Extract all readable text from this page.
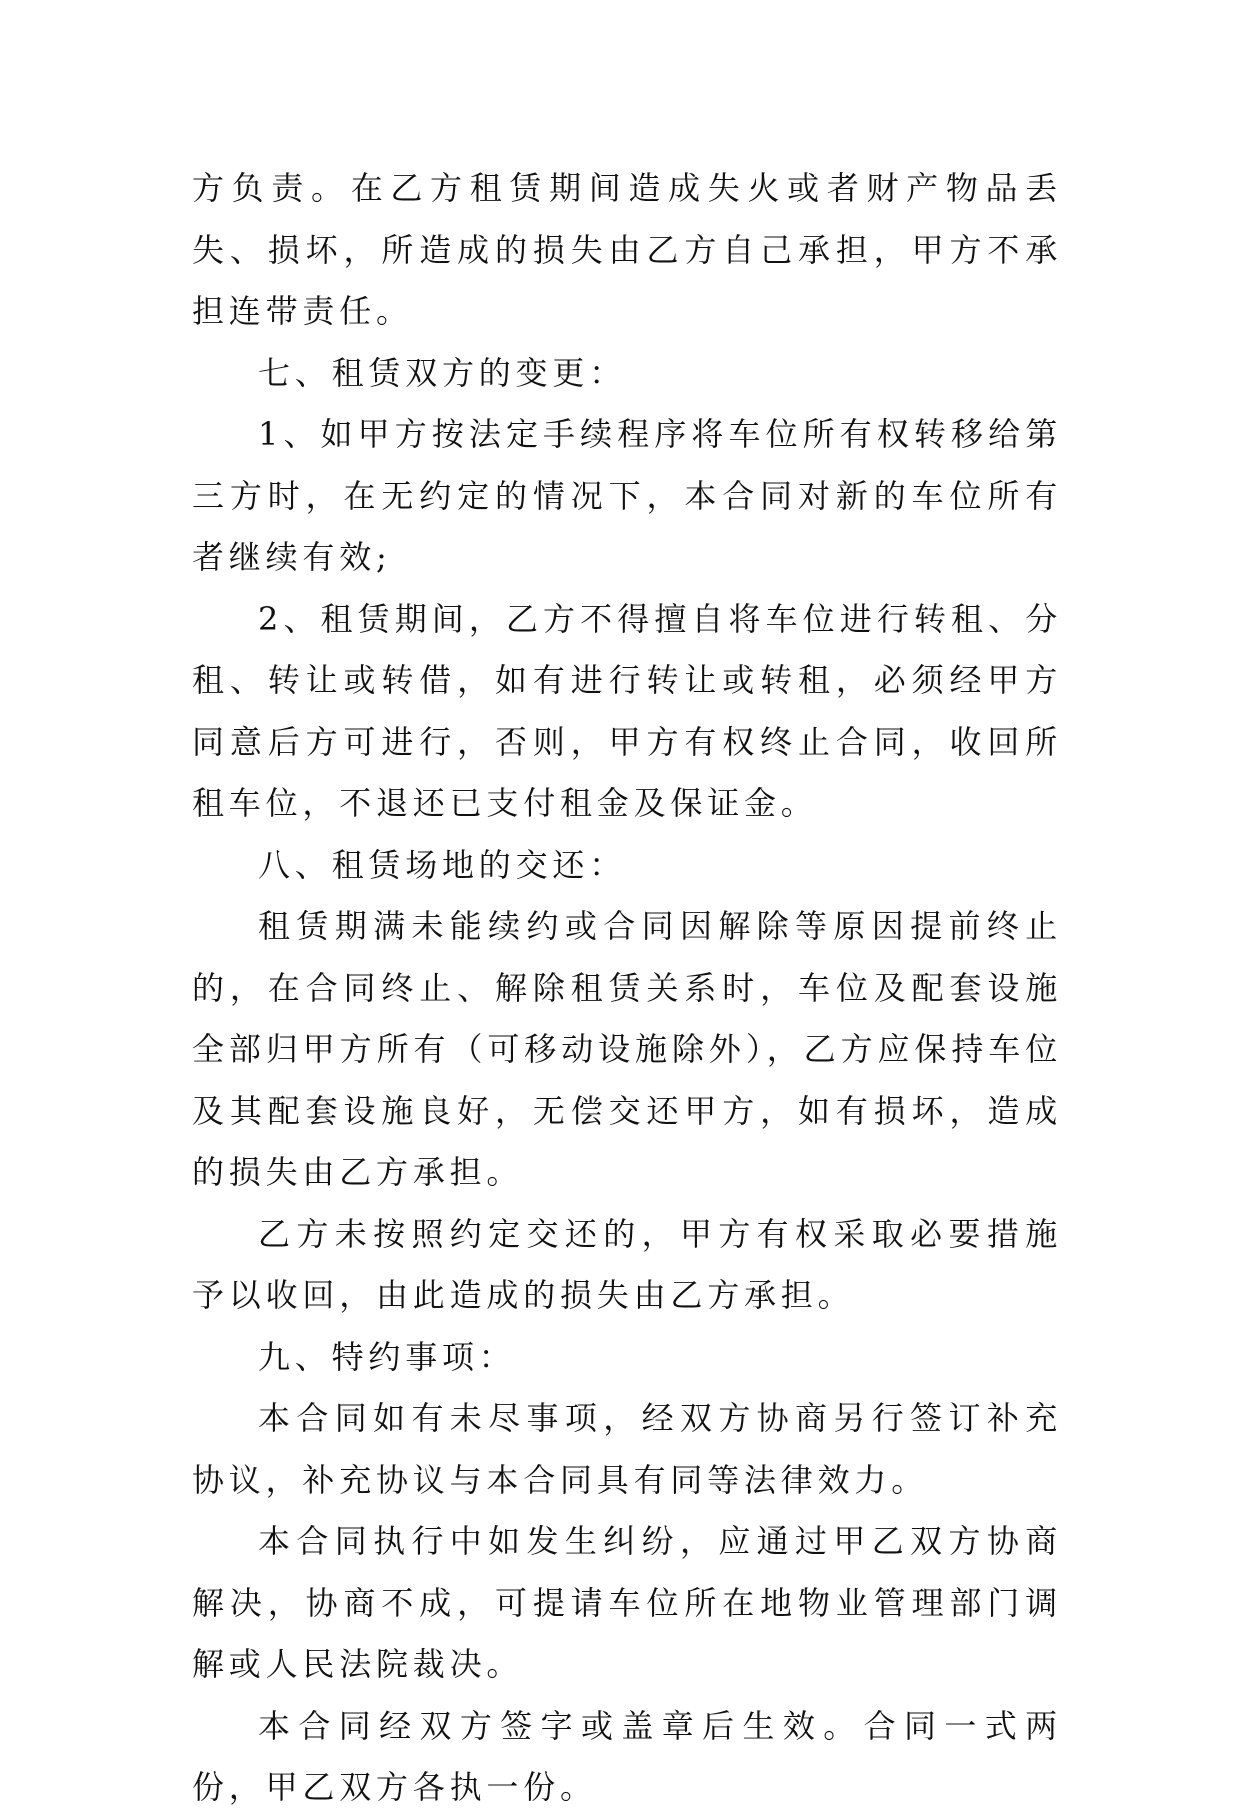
方负责。在乙方租赁期间造成失火或者财产物品丢失、损坏，所造成的损失由乙方自己承担，甲方不承担连带责任。

七、租赁双方的变更：

1、如甲方按法定手续程序将车位所有权转移给第三方时，在无约定的情况下，本合同对新的车位所有者继续有效;

2、租赁期间，乙方不得擅自将车位进行转租、分租、转让或转借，如有进行转让或转租，必须经甲方同意后方可进行，否则，甲方有权终止合同，收回所租车位，不退还已支付租金及保证金。

八、租赁场地的交还：

租赁期满未能续约或合同因解除等原因提前终止的，在合同终止、解除租赁关系时，车位及配套设施全部归甲方所有（可移动设施除外），乙方应保持车位及其配套设施良好，无偿交还甲方，如有损坏，造成的损失由乙方承担。

乙方未按照约定交还的，甲方有权采取必要措施予以收回，由此造成的损失由乙方承担。

九、特约事项：

本合同如有未尽事项，经双方协商另行签订补充协议，补充协议与本合同具有同等法律效力。

本合同执行中如发生纠纷，应通过甲乙双方协商解决，协商不成，可提请车位所在地物业管理部门调解或人民法院裁决。

本合同经双方签字或盖章后生效。合同一式两份，甲乙双方各执一份。
